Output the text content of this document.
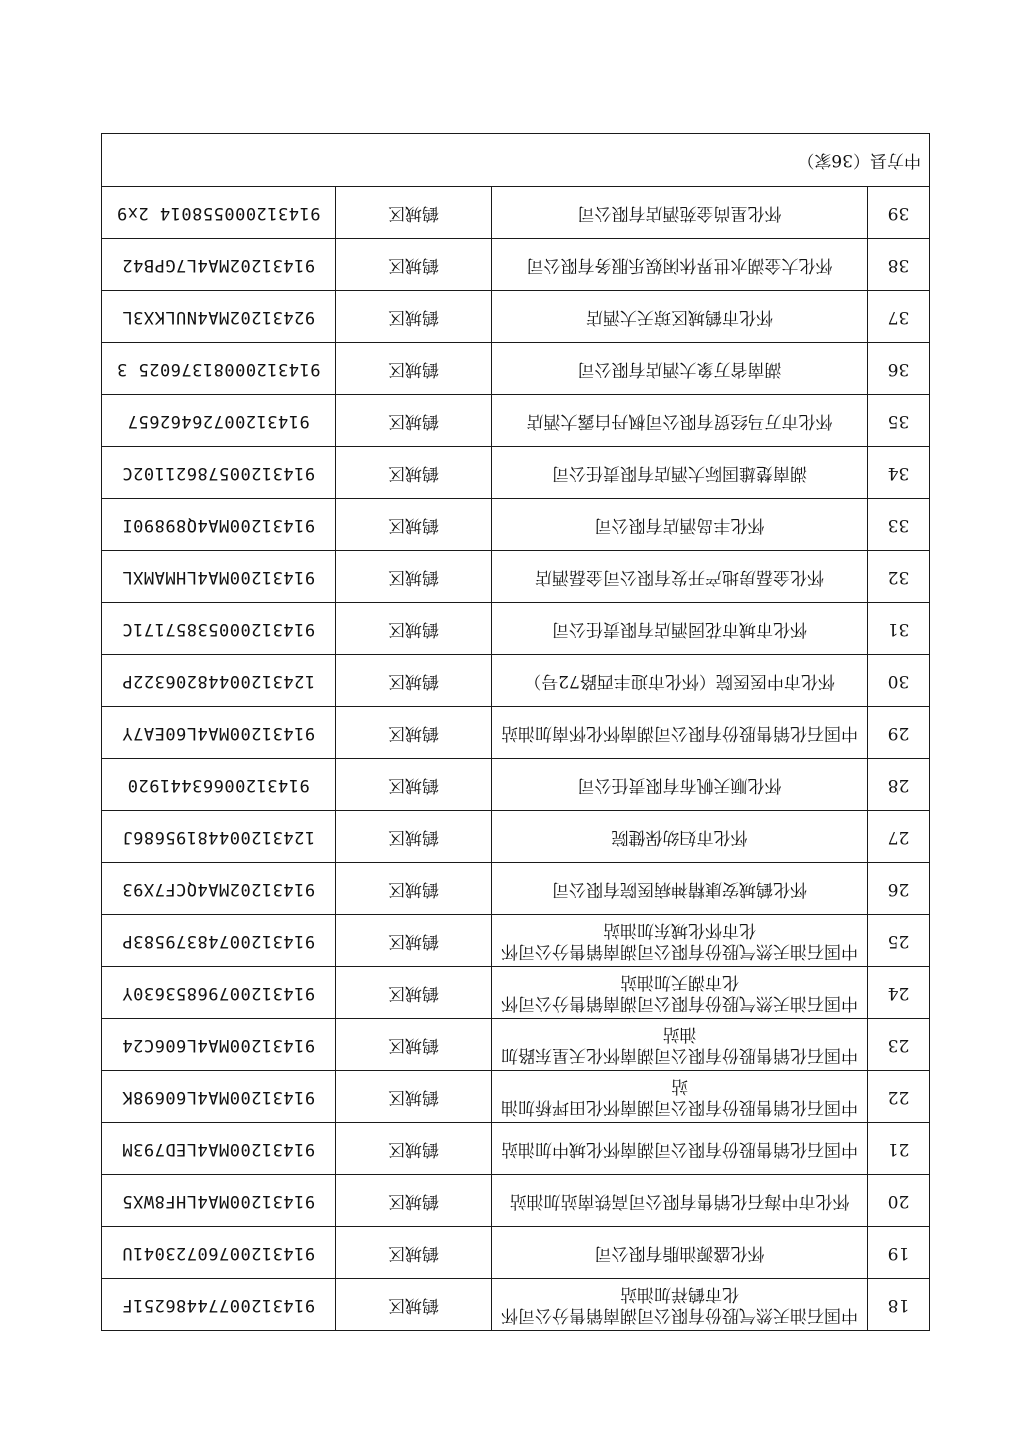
18	中国石油天然气股份有限公司湖南销售分公司怀化市鹤祥加油站	鹤城区	91431200774486251F
19	怀化盛源油脂有限公司	鹤城区	91431200760723041U
20	怀化市中海石化销售有限公司高铁南站加油站	鹤城区	91431200MA4LHF8WX5
21	中国石化销售股份有限公司湖南怀化城中加油站	鹤城区	91431200MA4LED793M
22	中国石化销售股份有限公司湖南怀化田坪桥加油站	鹤城区	91431200MA4L60698K
23	中国石化销售股份有限公司湖南怀化天星东路加油站	鹤城区	91431200MA4L606C24
24	中国石油天然气股份有限公司湖南销售分公司怀化市湖天加油站	鹤城区	91431200796853630Y
25	中国石油天然气股份有限公司湖南销售分公司怀化市怀化城东加油站	鹤城区	91431200748379583P
26	怀化鹤城安康精神病医院有限公司	鹤城区	91431202MA4QCF7X93
27	怀化市妇幼保健院	鹤城区	12431200448195686J
28	怀化顺天帆布有限责任公司	鹤城区	91431200663441920
29	中国石化销售股份有限公司湖南怀化怀南加油站	鹤城区	91431200MA4L60EA7Y
30	怀化市中医医院（怀化市迎丰西路72号）	鹤城区	12431200448206322P
31	怀化市城市花园酒店有限责任公司	鹤城区	91431200053857171C
32	怀化金磊房地产开发有限公司金磊酒店	鹤城区	91431200MA4LHMAMXL
33	怀化丰岛酒店有限公司	鹤城区	91431200MA4Q89890I
34	湖南楚雄国际大酒店有限责任公司	鹤城区	91431200578621102C
35	怀化市万马经贸有限公司枫丹白露大酒店	鹤城区	91431200726462657
36	湖南省万象大酒店有限公司	鹤城区	91431200081376025 3
37	怀化市鹤城区琼天大酒店	鹤城区	92431202MA4NULKX3L
38	怀化大金湖水世界休闲娱乐服务有限公司	鹤城区	91431202MA4L7GPB42
39	怀化星尚金苑酒店有限公司	鹤城区	914312000558014 2x9
中方县（36家）			
